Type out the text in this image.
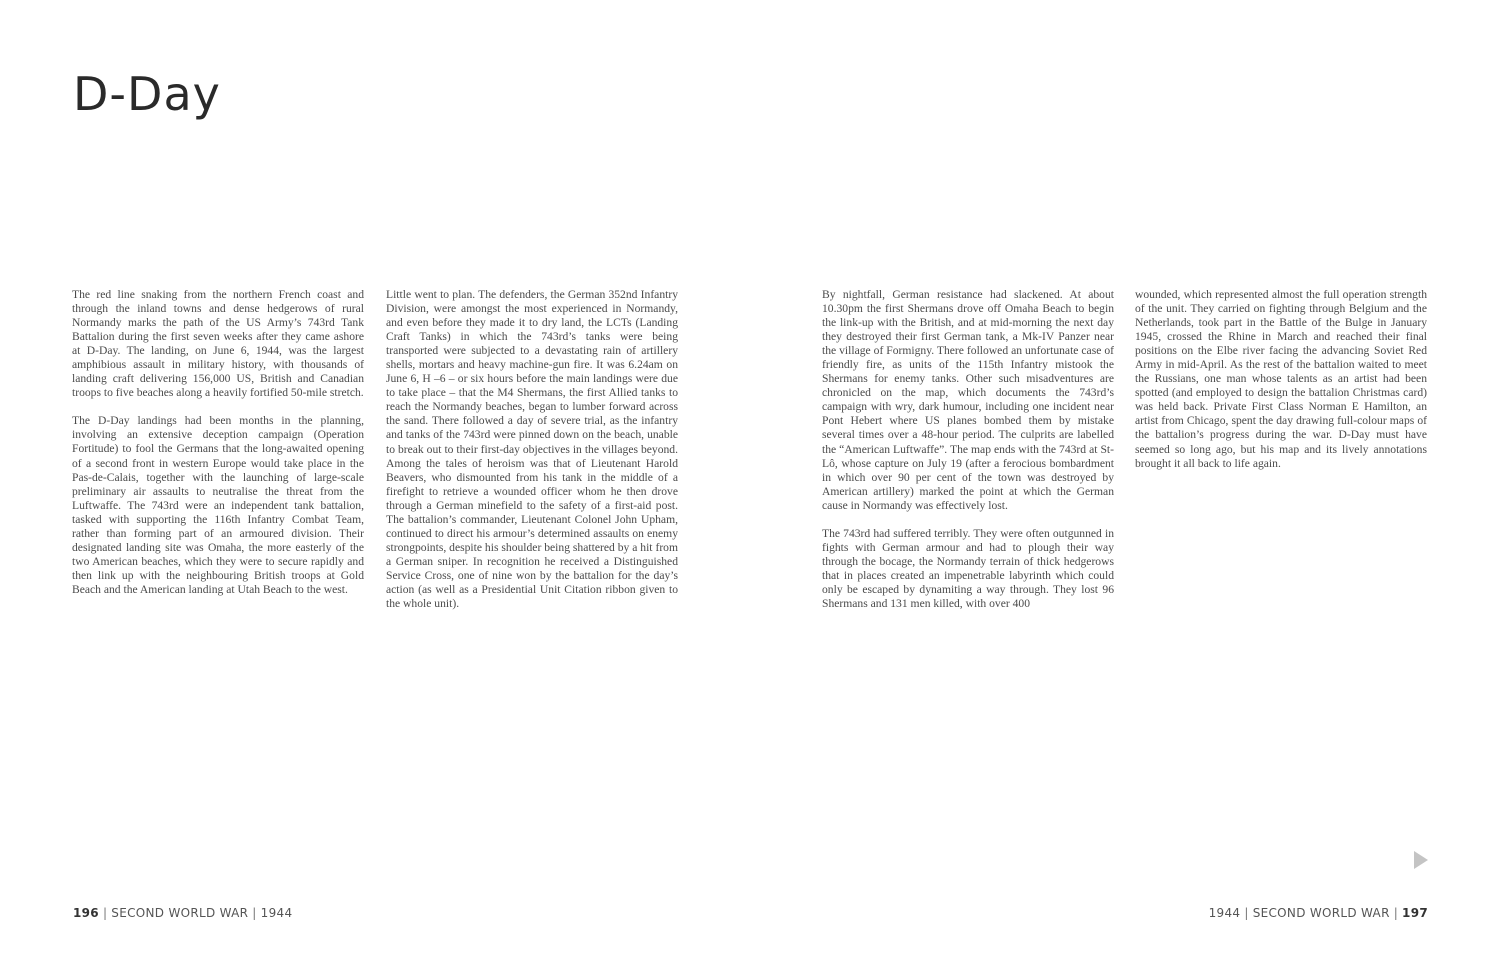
D-Day

The red line snaking from the northern French coast and through the inland towns and dense hedgerows of rural Normandy marks the path of the US Army’s 743rd Tank Battalion during the first seven weeks after they came ashore at D-Day. The landing, on June 6, 1944, was the largest amphibious assault in military history, with thousands of landing craft delivering 156,000 US, British and Canadian troops to five beaches along a heavily fortified 50-mile stretch.

The D-Day landings had been months in the planning, involving an extensive deception campaign (Operation Fortitude) to fool the Germans that the long-awaited opening of a second front in western Europe would take place in the Pas-de-Calais, together with the launching of large-scale preliminary air assaults to neutralise the threat from the Luftwaffe. The 743rd were an independent tank battalion, tasked with supporting the 116th Infantry Combat Team, rather than forming part of an armoured division. Their designated landing site was Omaha, the more easterly of the two American beaches, which they were to secure rapidly and then link up with the neighbouring British troops at Gold Beach and the American landing at Utah Beach to the west.

Little went to plan. The defenders, the German 352nd Infantry Division, were amongst the most experienced in Normandy, and even before they made it to dry land, the LCTs (Landing Craft Tanks) in which the 743rd’s tanks were being transported were subjected to a devastating rain of artillery shells, mortars and heavy machine-gun fire. It was 6.24am on June 6, H –6 – or six hours before the main landings were due to take place – that the M4 Shermans, the first Allied tanks to reach the Normandy beaches, began to lumber forward across the sand. There followed a day of severe trial, as the infantry and tanks of the 743rd were pinned down on the beach, unable to break out to their first-day objectives in the villages beyond. Among the tales of heroism was that of Lieutenant Harold Beavers, who dismounted from his tank in the middle of a firefight to retrieve a wounded officer whom he then drove through a German minefield to the safety of a first-aid post. The battalion’s commander, Lieutenant Colonel John Upham, continued to direct his armour’s determined assaults on enemy strongpoints, despite his shoulder being shattered by a hit from a German sniper. In recognition he received a Distinguished Service Cross, one of nine won by the battalion for the day’s action (as well as a Presidential Unit Citation ribbon given to the whole unit).

By nightfall, German resistance had slackened. At about 10.30pm the first Shermans drove off Omaha Beach to begin the link-up with the British, and at mid-morning the next day they destroyed their first German tank, a Mk-IV Panzer near the village of Formigny. There followed an unfortunate case of friendly fire, as units of the 115th Infantry mistook the Shermans for enemy tanks. Other such misadventures are chronicled on the map, which documents the 743rd’s campaign with wry, dark humour, including one incident near Pont Hebert where US planes bombed them by mistake several times over a 48-hour period. The culprits are labelled the “American Luftwaffe”. The map ends with the 743rd at St-Lô, whose capture on July 19 (after a ferocious bombardment in which over 90 per cent of the town was destroyed by American artillery) marked the point at which the German cause in Normandy was effectively lost.

The 743rd had suffered terribly. They were often outgunned in fights with German armour and had to plough their way through the bocage, the Normandy terrain of thick hedgerows that in places created an impenetrable labyrinth which could only be escaped by dynamiting a way through. They lost 96 Shermans and 131 men killed, with over 400

wounded, which represented almost the full operation strength of the unit. They carried on fighting through Belgium and the Netherlands, took part in the Battle of the Bulge in January 1945, crossed the Rhine in March and reached their final positions on the Elbe river facing the advancing Soviet Red Army in mid-April. As the rest of the battalion waited to meet the Russians, one man whose talents as an artist had been spotted (and employed to design the battalion Christmas card) was held back. Private First Class Norman E Hamilton, an artist from Chicago, spent the day drawing full-colour maps of the battalion’s progress during the war. D-Day must have seemed so long ago, but his map and its lively annotations brought it all back to life again.

196 | SECOND WORLD WAR | 1944	1944 | SECOND WORLD WAR | 197
